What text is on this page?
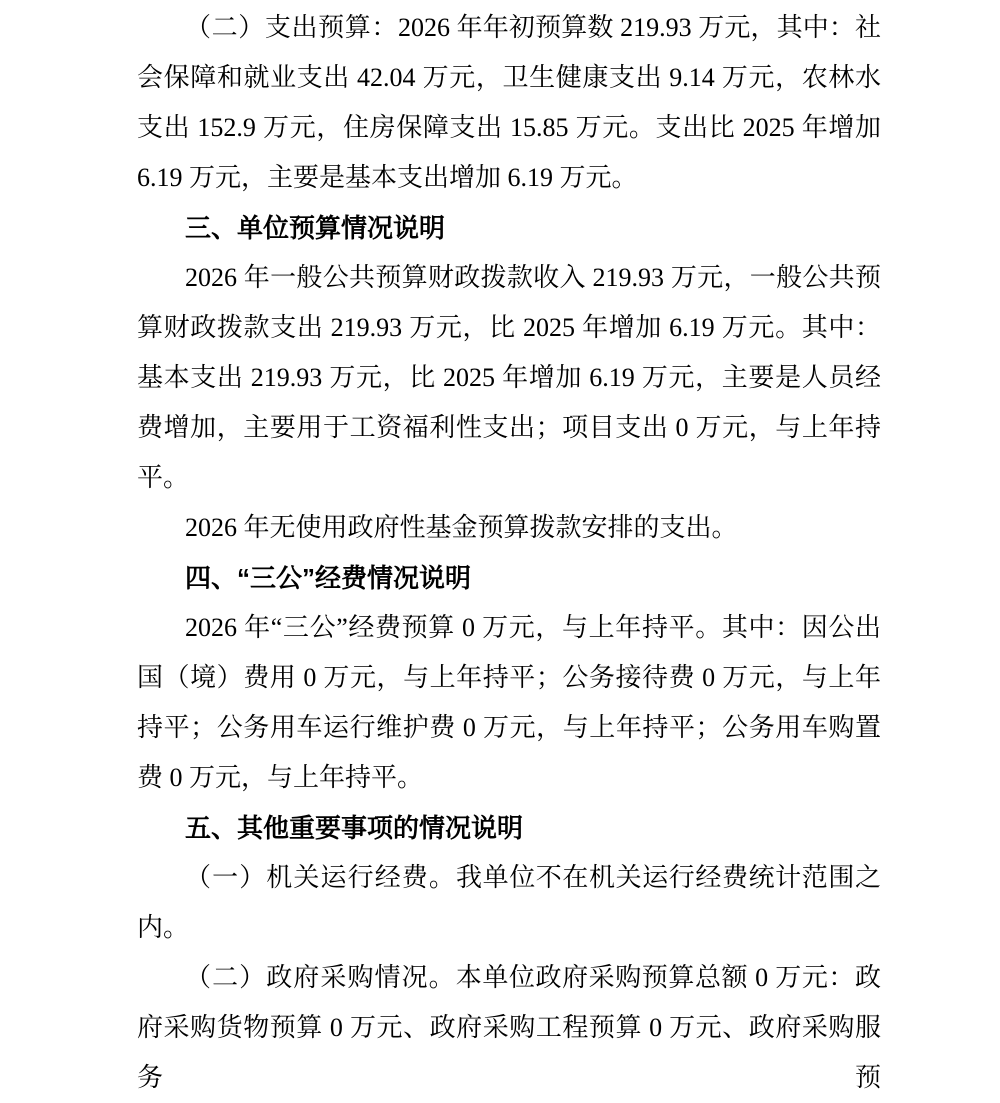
（二）支出预算：2026 年年初预算数 219.93 万元，其中：社会保障和就业支出 42.04 万元，卫生健康支出 9.14 万元，农林水支出 152.9 万元，住房保障支出 15.85 万元。支出比 2025 年增加 6.19 万元，主要是基本支出增加 6.19 万元。

三、单位预算情况说明

2026 年一般公共预算财政拨款收入 219.93 万元，一般公共预算财政拨款支出 219.93 万元，比 2025 年增加 6.19 万元。其中：基本支出 219.93 万元，比 2025 年增加 6.19 万元，主要是人员经费增加，主要用于工资福利性支出；项目支出 0 万元，与上年持平。

2026 年无使用政府性基金预算拨款安排的支出。

四、“三公”经费情况说明

2026 年“三公”经费预算 0 万元，与上年持平。其中：因公出国（境）费用 0 万元，与上年持平；公务接待费 0 万元，与上年持平；公务用车运行维护费 0 万元，与上年持平；公务用车购置费 0 万元，与上年持平。

五、其他重要事项的情况说明

（一）机关运行经费。我单位不在机关运行经费统计范围之内。

（二）政府采购情况。本单位政府采购预算总额 0 万元：政府采购货物预算 0 万元、政府采购工程预算 0 万元、政府采购服务预
